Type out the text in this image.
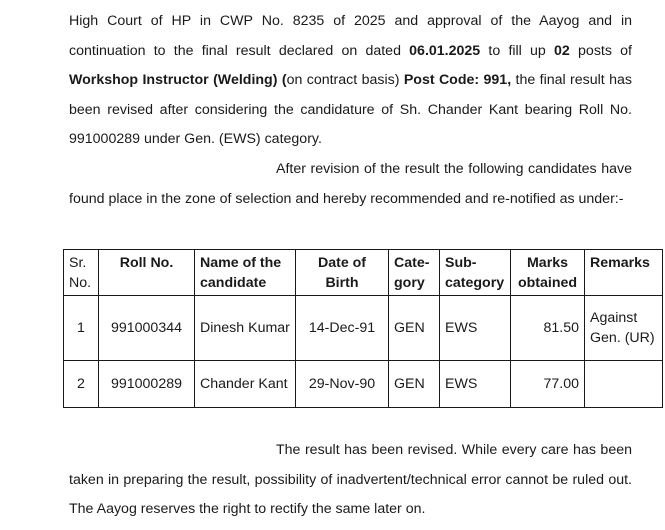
High Court of HP in CWP No. 8235 of 2025 and approval of the Aayog and in continuation to the final result declared on dated 06.01.2025 to fill up 02 posts of Workshop Instructor (Welding) (on contract basis) Post Code: 991, the final result has been revised after considering the candidature of Sh. Chander Kant bearing Roll No. 991000289 under Gen. (EWS) category.

After revision of the result the following candidates have found place in the zone of selection and hereby recommended and re-notified as under:-

Sr. No.	Roll No.	Name of the candidate	Date of Birth	Cate- gory	Sub- category	Marks obtained	Remarks
1	991000344	Dinesh Kumar	14-Dec-91	GEN	EWS	81.50	Against Gen. (UR)
2	991000289	Chander Kant	29-Nov-90	GEN	EWS	77.00	

The result has been revised. While every care has been taken in preparing the result, possibility of inadvertent/technical error cannot be ruled out. The Aayog reserves the right to rectify the same later on.
